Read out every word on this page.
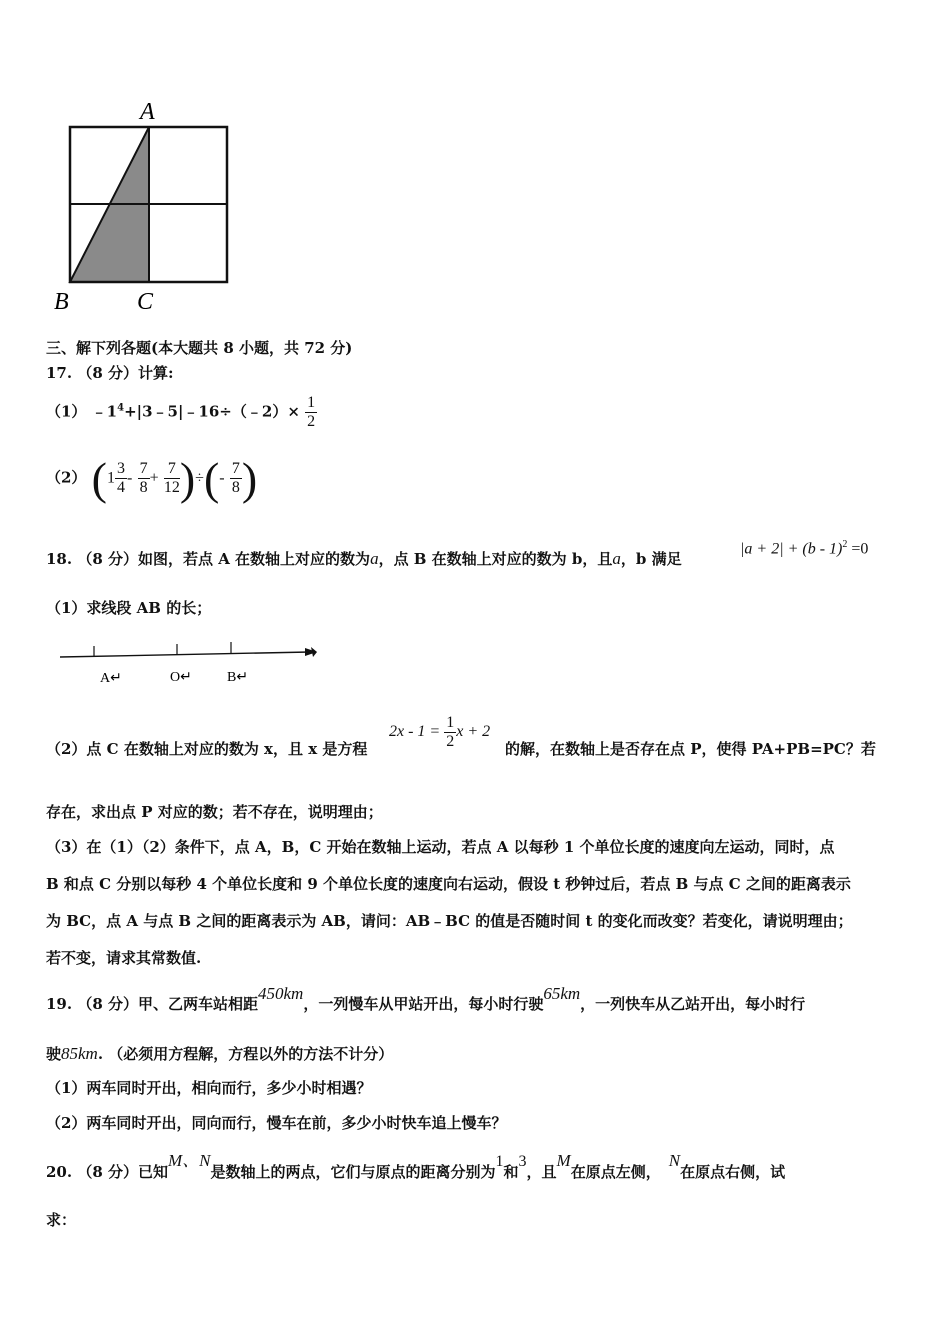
A
B	C
三、解下列各题(本大题共 8 小题，共 72 分)
17. （8 分）计算:
（1） $﹣1^4+|3﹣5|﹣16\div(﹣2)\times \frac{1}{2}$
（2） ($1 \frac{3}{4} - \frac{7}{8} + \frac{7}{12}$ )÷(- $\frac{7}{8}$ )
18. （8 分）如图，若点 A 在数轴上对应的数为a，点 B 在数轴上对应的数为 b，且a，b 满足
|a + 2| + (b - 1)$^2$ =0
（1）求线段 AB 的长；
A↵	O↵	B↵
（2）点 C 在数轴上对应的数为 x，且 x 是方程
$2x - 1 = \frac{1}{2}$ x + 2
的解，在数轴上是否存在点 P，使得 PA+PB=PC？若
存在，求出点 P 对应的数；若不存在，说明理由；
（3）在（1）（2）条件下，点 A，B，C 开始在数轴上运动，若点 A 以每秒 1 个单位长度的速度向左运动，同时，点
B 和点 C 分别以每秒 4 个单位长度和 9 个单位长度的速度向右运动，假设 t 秒钟过后，若点 B 与点 C 之间的距离表示
为 BC，点 A 与点 B 之间的距离表示为 AB，请问：AB﹣BC 的值是否随时间 t 的变化而改变？若变化，请说明理由；
若不变，请求其常数值.
19. （8 分）甲、乙两车站相距450km，一列慢车从甲站开出，每小时行驶65km，一列快车从乙站开出，每小时行
驶85km. （必须用方程解，方程以外的方法不计分）
（1）两车同时开出，相向而行，多少小时相遇？
（2）两车同时开出，同向而行，慢车在前，多少小时快车追上慢车？
20. （8 分）已知M、N是数轴上的两点，它们与原点的距离分别为1和3，且M在原点左侧，N在原点右侧，试
求：
